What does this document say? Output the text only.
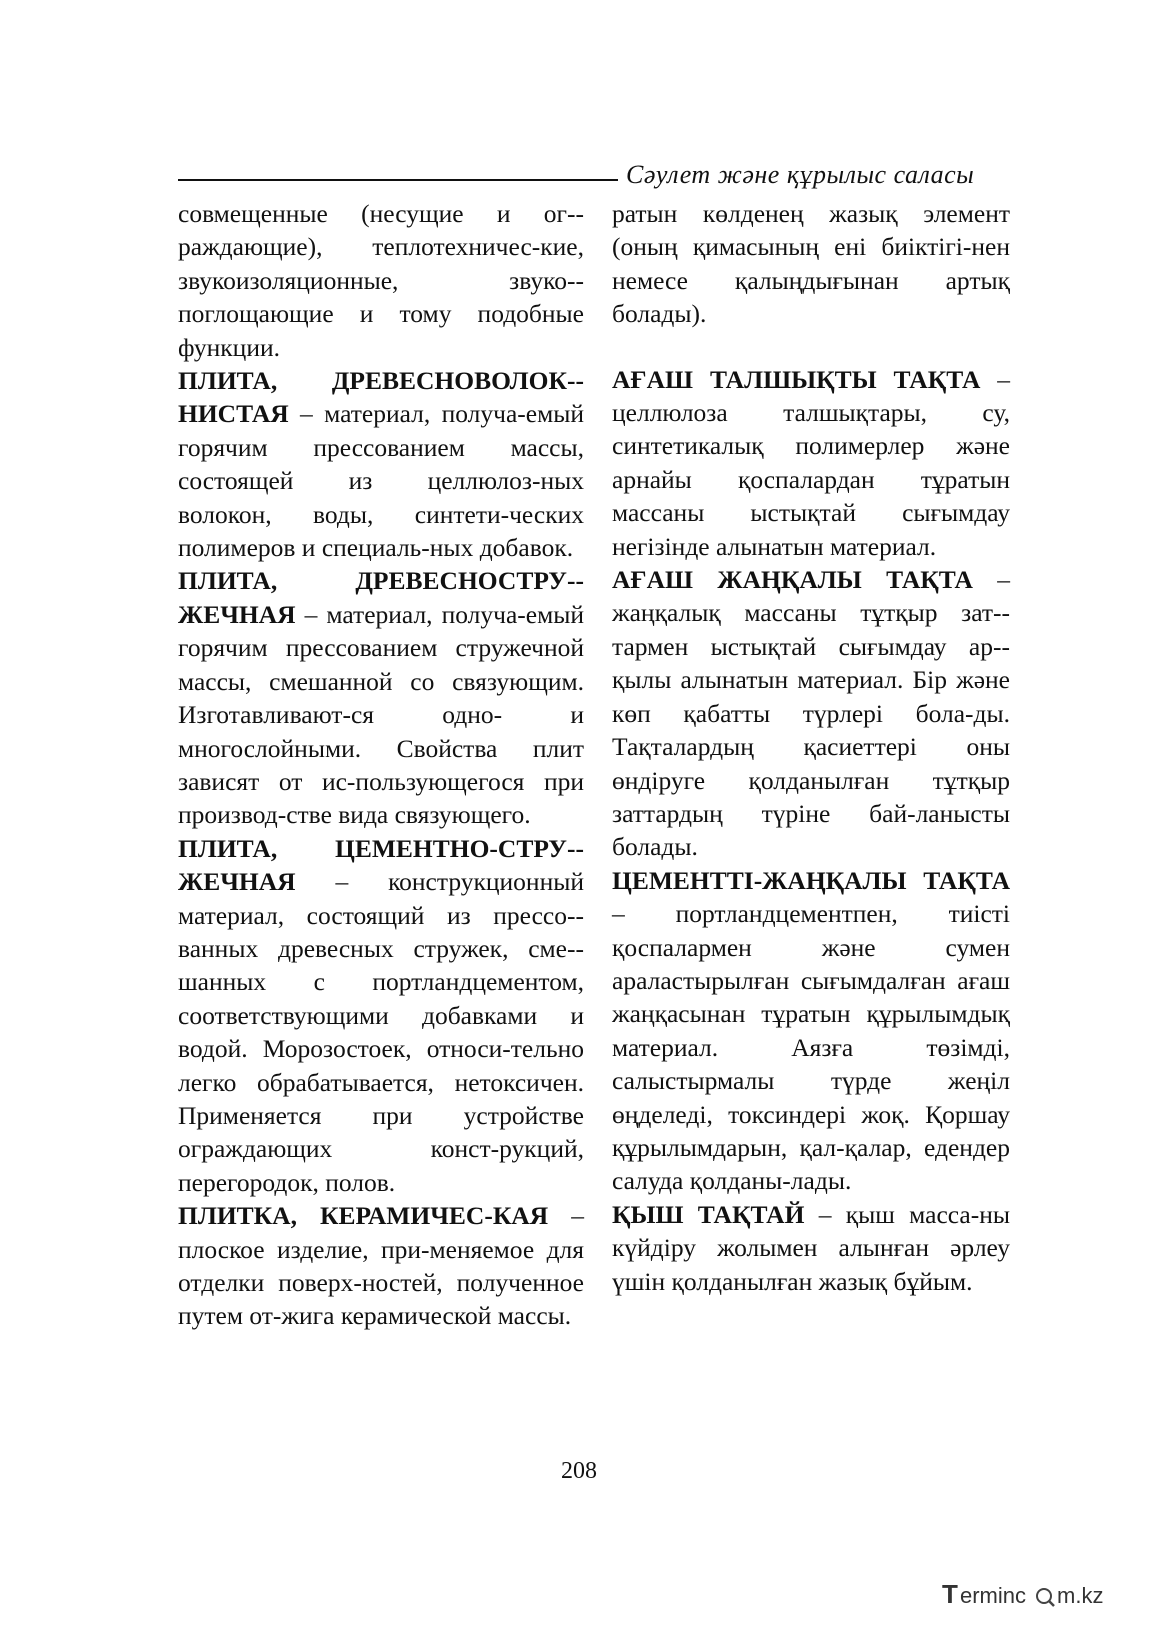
Сәулет және құрылыс саласы

совмещенные (несущие и ог-раждающие), теплотехничес-кие, звукоизоляционные, звуко-поглощающие и тому подобные функции.

ПЛИТА, ДРЕВЕСНОВОЛОК-НИСТАЯ – материал, получа-емый горячим прессованием массы, состоящей из целлюлоз-ных волокон, воды, синтети-ческих полимеров и специаль-ных добавок.

ПЛИТА, ДРЕВЕСНОСТРУ-ЖЕЧНАЯ – материал, получа-емый горячим прессованием стружечной массы, смешанной со связующим. Изготавливают-ся одно- и многослойными. Свойства плит зависят от ис-пользующегося при производ-стве вида связующего.

ПЛИТА, ЦЕМЕНТНО-СТРУ-ЖЕЧНАЯ – конструкционный материал, состоящий из прессо-ванных древесных стружек, сме-шанных с портландцементом, соответствующими добавками и водой. Морозостоек, относи-тельно легко обрабатывается, нетоксичен. Применяется при устройстве ограждающих конст-рукций, перегородок, полов.

ПЛИТКА, КЕРАМИЧЕС-КАЯ – плоское изделие, при-меняемое для отделки поверх-ностей, полученное путем от-жига керамической массы.

ратын көлденең жазық элемент (оның қимасының ені биіктігі-нен немесе қалыңдығынан артық болады).

АҒАШ ТАЛШЫҚТЫ ТАҚТА – целлюлоза талшықтары, су, синтетикалық полимерлер және арнайы қоспалардан тұратын массаны ыстықтай сығымдау негізінде алынатын материал.

АҒАШ ЖАҢҚАЛЫ ТАҚТА – жаңқалық массаны тұтқыр зат-тармен ыстықтай сығымдау ар-қылы алынатын материал. Бір және көп қабатты түрлері бола-ды. Тақталардың қасиеттері оны өндіруге қолданылған тұтқыр заттардың түріне бай-ланысты болады.

ЦЕМЕНТТІ-ЖАҢҚАЛЫ ТАҚТА – портландцементпен, тиісті қоспалармен және сумен араластырылған сығымдалған ағаш жаңқасынан тұратын құрылымдық материал. Аязға төзімді, салыстырмалы түрде жеңіл өңделеді, токсиндері жоқ. Қоршау құрылымдарын, қал-қалар, едендер салуда қолданы-лады.

ҚЫШ ТАҚТАЙ – қыш масса-ны күйдіру жолымен алынған әрлеу үшін қолданылған жазық бұйым.

208
T erminc m.kz
